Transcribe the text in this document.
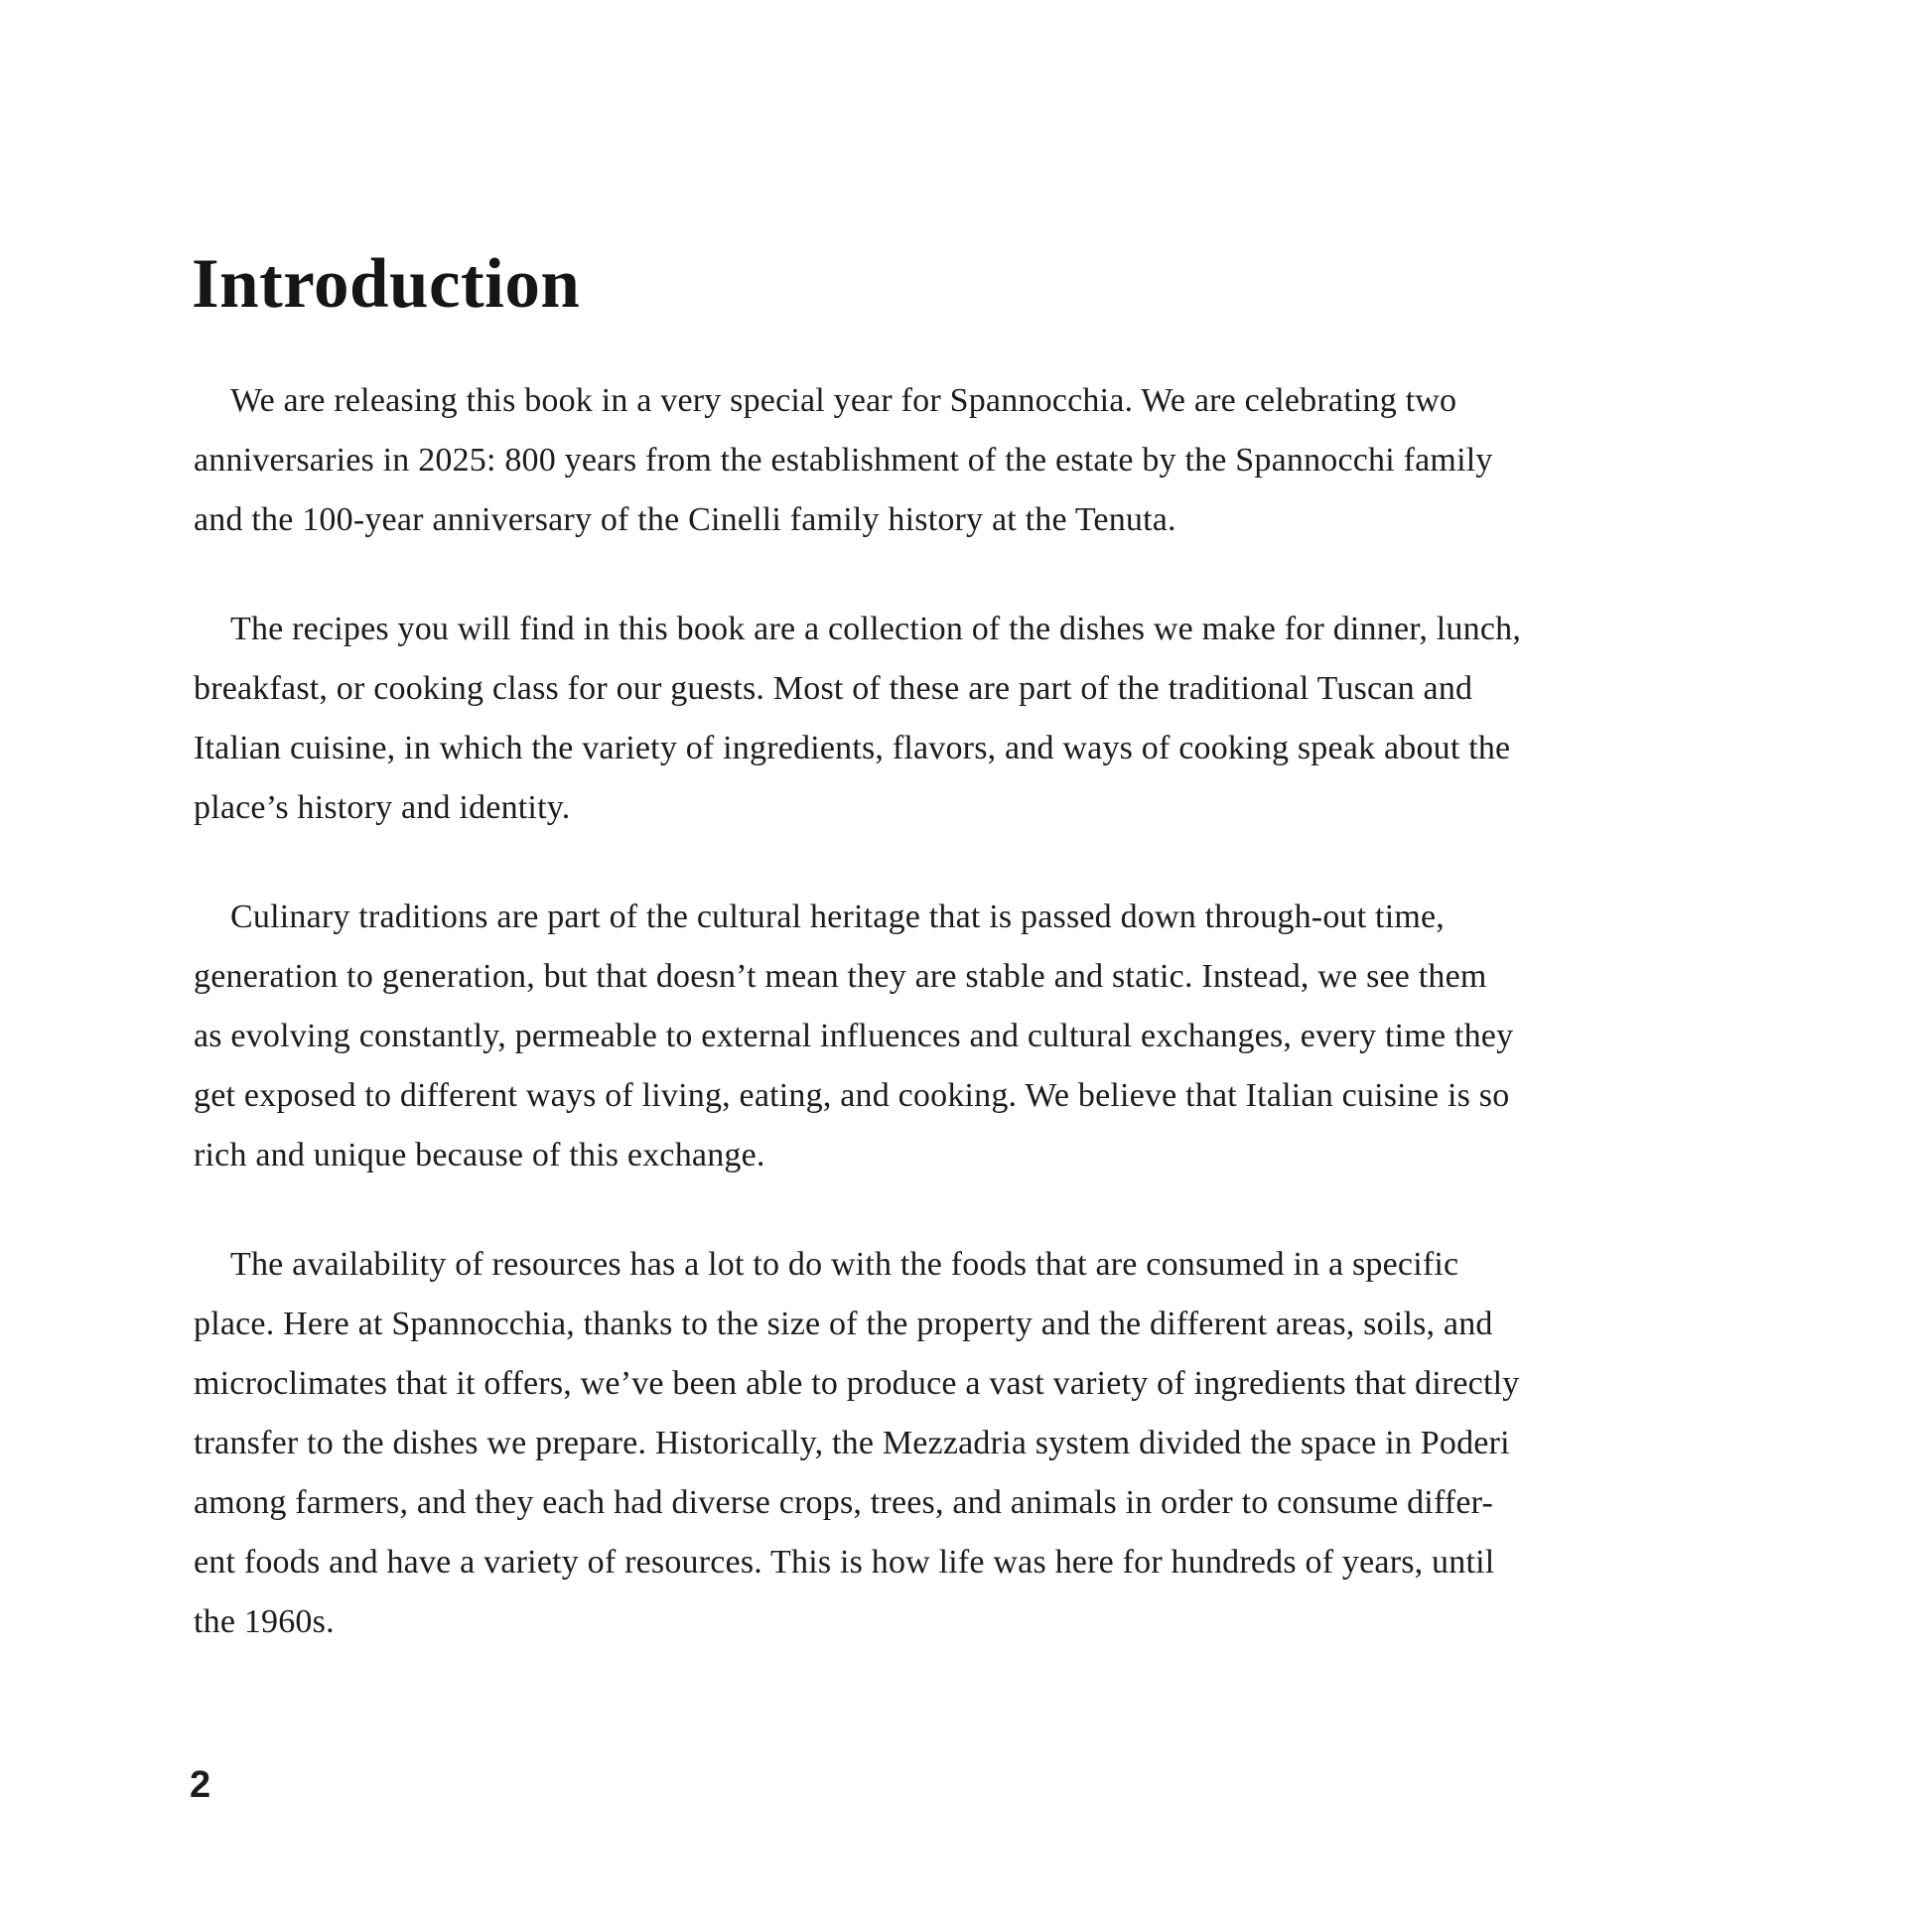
Introduction

We are releasing this book in a very special year for Spannocchia. We are celebrating two
anniversaries in 2025: 800 years from the establishment of the estate by the Spannocchi family
and the 100-year anniversary of the Cinelli family history at the Tenuta.

The recipes you will find in this book are a collection of the dishes we make for dinner, lunch,
breakfast, or cooking class for our guests. Most of these are part of the traditional Tuscan and
Italian cuisine, in which the variety of ingredients, flavors, and ways of cooking speak about the
place’s history and identity.

Culinary traditions are part of the cultural heritage that is passed down through-out time,
generation to generation, but that doesn’t mean they are stable and static. Instead, we see them
as evolving constantly, permeable to external influences and cultural exchanges, every time they
get exposed to different ways of living, eating, and cooking. We believe that Italian cuisine is so
rich and unique because of this exchange.

The availability of resources has a lot to do with the foods that are consumed in a specific
place. Here at Spannocchia, thanks to the size of the property and the different areas, soils, and
microclimates that it offers, we’ve been able to produce a vast variety of ingredients that directly
transfer to the dishes we prepare. Historically, the Mezzadria system divided the space in Poderi
among farmers, and they each had diverse crops, trees, and animals in order to consume differ-
ent foods and have a variety of resources. This is how life was here for hundreds of years, until
the 1960s.

2
